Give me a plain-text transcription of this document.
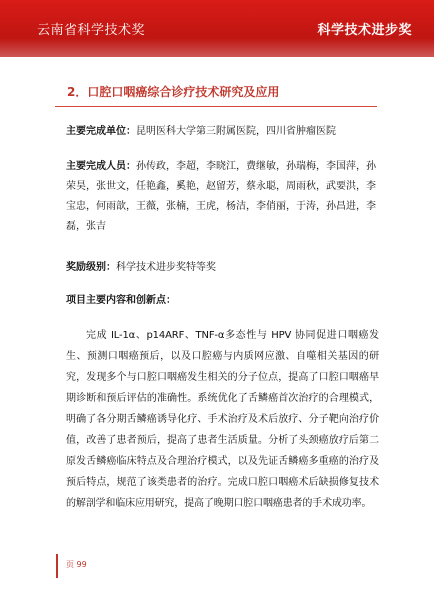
云南省科学技术奖	科学技术进步奖
2．口腔口咽癌综合诊疗技术研究及应用
主要完成单位：昆明医科大学第三附属医院，四川省肿瘤医院
主要完成人员：孙传政，李超，李晓江，费继敏，孙瑞梅，李国萍，孙荣昊，张世文，任艳鑫，奚艳，赵留芳，蔡永聪，周雨秋，武要洪，李宝忠，何雨歆，王薇，张楠，王虎，杨洁，李俏丽，于涛，孙昌进，李磊，张吉
奖励级别：科学技术进步奖特等奖
项目主要内容和创新点：
完成 IL-1α、p14ARF、TNF-α多态性与 HPV 协同促进口咽癌发生、预测口咽癌预后，以及口腔癌与内质网应激、自噬相关基因的研究，发现多个与口腔口咽癌发生相关的分子位点，提高了口腔口咽癌早期诊断和预后评估的准确性。系统优化了舌鳞癌首次治疗的合理模式，明确了各分期舌鳞癌诱导化疗、手术治疗及术后放疗、分子靶向治疗价值，改善了患者预后，提高了患者生活质量。分析了头颈癌放疗后第二原发舌鳞癌临床特点及合理治疗模式，以及先证舌鳞癌多重癌的治疗及预后特点，规范了该类患者的治疗。完成口腔口咽癌术后缺损修复技术的解剖学和临床应用研究，提高了晚期口腔口咽癌患者的手术成功率。
页 99
